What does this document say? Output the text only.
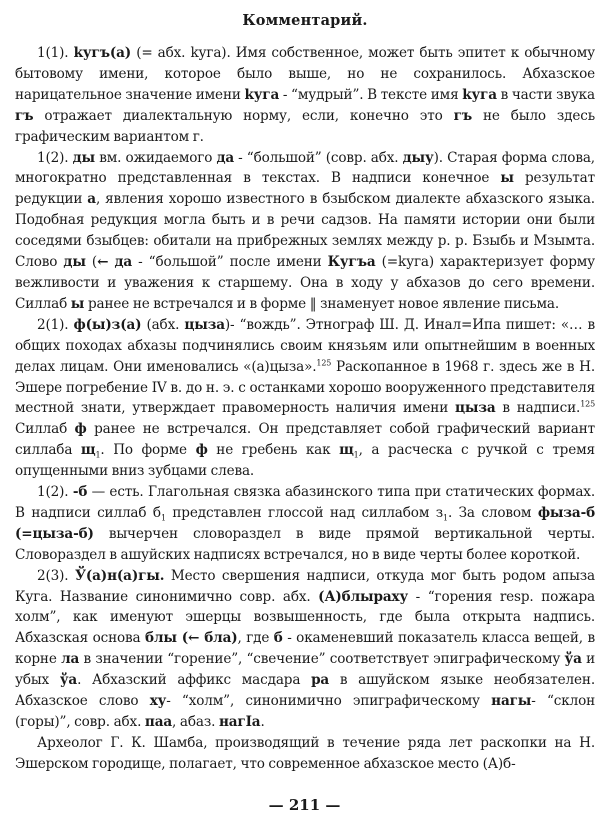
Комментарий.

1(1). kугъ(а) (= абх. kуга). Имя собственное, может быть эпитет к обычному бытовому имени, которое было выше, но не сохранилось. Абхазское нарицательное значение имени kуга - “мудрый”. В тексте имя kуга в части звука гъ отражает диалектальную норму, если, конечно это гъ не было здесь графическим вариантом г.

1(2). ды вм. ожидаемого да - “большой” (совр. абх. дыу). Старая форма слова, многократно представленная в текстах. В надписи конечное ы результат редукции а, явления хорошо известного в бзыбском диалекте абхазского языка. Подобная редукция могла быть и в речи садзов. На памяти истории они были соседями бзыбцев: обитали на прибрежных землях между р. р. Бзыбь и Мзымта. Слово ды (← да - “большой” после имени Кугъа (=kуга) характеризует форму вежливости и уважения к старшему. Она в ходу у абхазов до сего времени. Силлаб ы ранее не встречался и в форме ‖ знаменует новое явление письма.

2(1). ф(ы)з(а) (абх. цыза)- “вождь”. Этнограф Ш. Д. Инал=Ипа пишет: «… в общих походах абхазы подчинялись своим князьям или опытнейшим в военных делах лицам. Они именовались «(а)цыза».$^{125}$ Раскопанное в 1968 г. здесь же в Н. Эшере погребение IV в. до н. э. с останками хорошо вооруженного представителя местной знати, утверждает правомерность наличия имени цыза в надписи.$^{125}$ Силлаб ф ранее не встречался. Он представляет собой графический вариант силлаба $щ_1$. По форме ф не гребень как $щ_1$, а расческа с ручкой с тремя опущенными вниз зубцами слева.

1(2). -б — есть. Глагольная связка абазинского типа при статических формах. В надписи силлаб $б_1$ представлен глоссой над силлабом $з_1$. За словом фыза-б (=цыза-б) вычерчен словораздел в виде прямой вертикальной черты. Словораздел в ашуйских надписях встречался, но в виде черты более короткой.

2(3). Ў(а)н(а)гы. Место свершения надписи, откуда мог быть родом апыза Куга. Название синонимично совр. абх. (А)блыраху - “горения resp. пожара холм”, как именуют эшерцы возвышенность, где была открыта надпись. Абхазская основа блы (← бла), где б - окаменевший показатель класса вещей, в корне ла в значении “горение”, “свечение” соответствует эпиграфическому ўа и убых ўа. Абхазский аффикс масдара ра в ашуйском языке необязателен. Абхазское слово ху- “холм”, синонимично эпиграфическому нагы- “склон (горы)”, совр. абх. паа, абаз. нагIа.

Археолог Г. К. Шамба, производящий в течение ряда лет раскопки на Н. Эшерском городище, полагает, что современное абхазское место (А)б-

— 211 —
